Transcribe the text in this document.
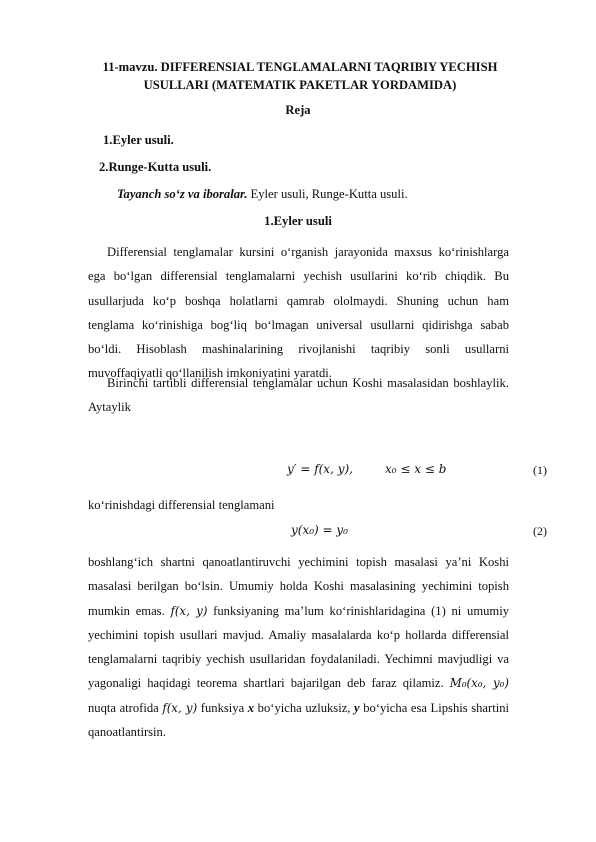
11-mavzu. DIFFERENSIAL TENGLAMALARNI TAQRIBIY YECHISH
USULLARI (MATEMATIK PAKETLAR YORDAMIDA)
Reja
1.Eyler usuli.
2.Runge-Kutta usuli.
Tayanch so‘z va iboralar. Eyler usuli, Runge-Kutta usuli.
1.Eyler usuli
Differensial tenglamalar kursini o‘rganish jarayonida maxsus ko‘rinishlarga ega bo‘lgan differensial tenglamalarni yechish usullarini ko‘rib chiqdik. Bu usullarjuda ko‘p boshqa holatlarni qamrab ololmaydi. Shuning uchun ham tenglama ko‘rinishiga bog‘liq bo‘lmagan universal usullarni qidirishga sabab bo‘ldi. Hisoblash mashinalarining rivojlanishi taqribiy sonli usullarni muvoffaqiyatli qo‘llanilish imkoniyatini yaratdi.
Birinchi tartibli differensial tenglamalar uchun Koshi masalasidan boshlaylik. Aytaylik
y′ = f(x, y),	x₀ ≤ x ≤ b	(1)
ko‘rinishdagi differensial tenglamani
y(x₀) = y₀	(2)
boshlang‘ich shartni qanoatlantiruvchi yechimini topish masalasi ya’ni Koshi masalasi berilgan bo‘lsin. Umumiy holda Koshi masalasining yechimini topish mumkin emas. f(x, y) funksiyaning ma’lum ko‘rinishlaridagina (1) ni umumiy yechimini topish usullari mavjud. Amaliy masalalarda ko‘p hollarda differensial tenglamalarni taqribiy yechish usullaridan foydalaniladi. Yechimni mavjudligi va yagonaligi haqidagi teorema shartlari bajarilgan deb faraz qilamiz. M₀(x₀, y₀) nuqta atrofida f(x, y) funksiya x bo‘yicha uzluksiz, y bo‘yicha esa Lipshis shartini qanoatlantirsin.
